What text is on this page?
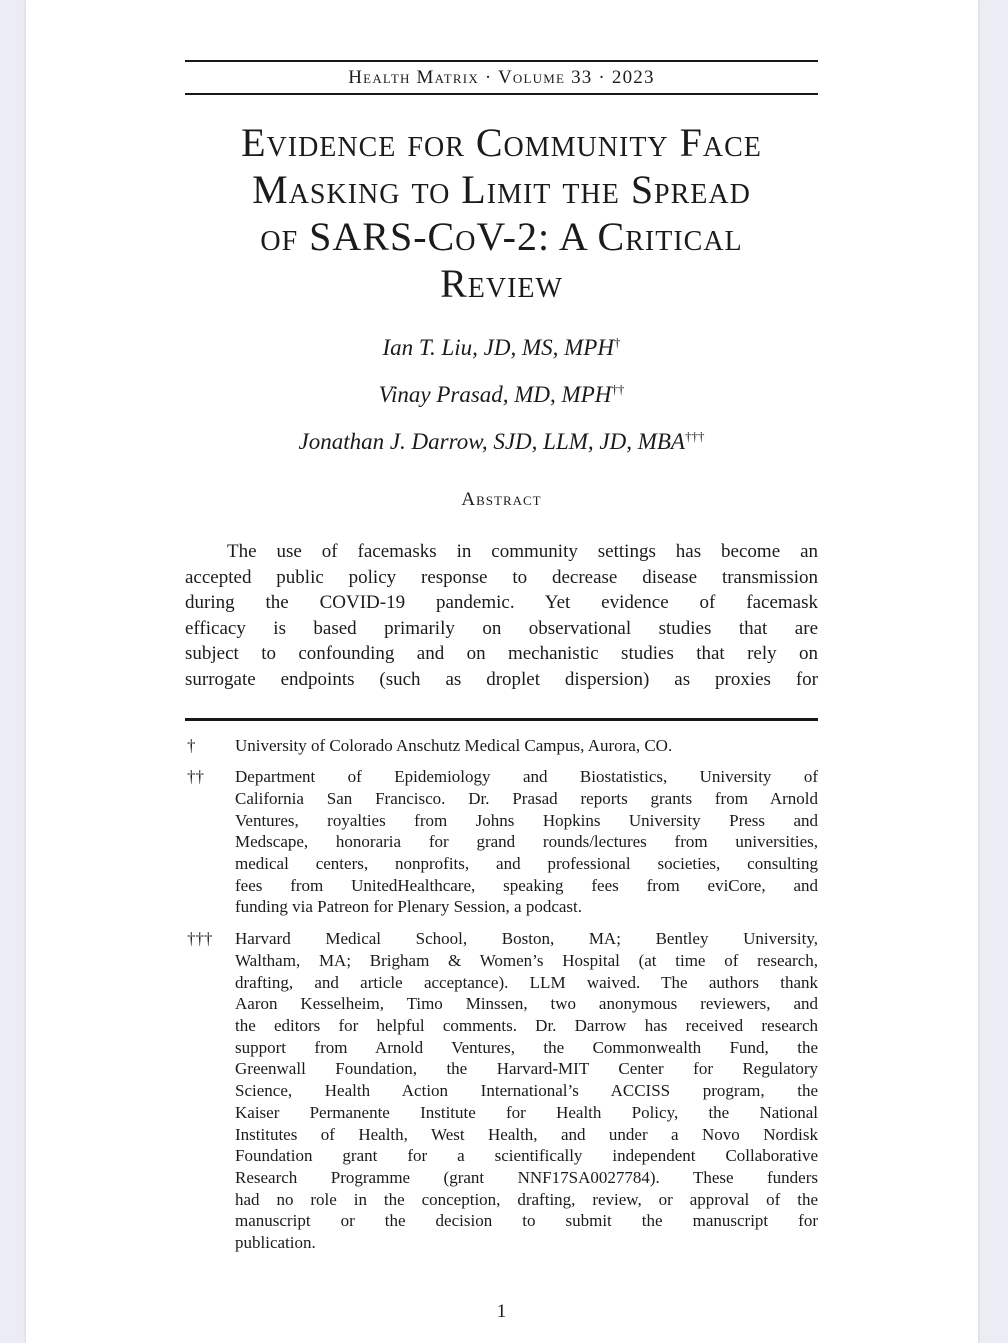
Health Matrix · Volume 33 · 2023
Evidence for Community Face
Masking to Limit the Spread
of SARS-CoV-2: A Critical
Review
Ian T. Liu, JD, MS, MPH†
Vinay Prasad, MD, MPH††
Jonathan J. Darrow, SJD, LLM, JD, MBA†††
Abstract
The use of facemasks in community settings has become an
accepted public policy response to decrease disease transmission
during the COVID-19 pandemic. Yet evidence of facemask
efficacy is based primarily on observational studies that are
subject to confounding and on mechanistic studies that rely on
surrogate endpoints (such as droplet dispersion) as proxies for
†	University of Colorado Anschutz Medical Campus, Aurora, CO.
††	Department of Epidemiology and Biostatistics, University of
California San Francisco. Dr. Prasad reports grants from Arnold
Ventures, royalties from Johns Hopkins University Press and
Medscape, honoraria for grand rounds/lectures from universities,
medical centers, nonprofits, and professional societies, consulting
fees from UnitedHealthcare, speaking fees from eviCore, and
funding via Patreon for Plenary Session, a podcast.
†††	Harvard Medical School, Boston, MA; Bentley University,
Waltham, MA; Brigham & Women’s Hospital (at time of research,
drafting, and article acceptance). LLM waived. The authors thank
Aaron Kesselheim, Timo Minssen, two anonymous reviewers, and
the editors for helpful comments. Dr. Darrow has received research
support from Arnold Ventures, the Commonwealth Fund, the
Greenwall Foundation, the Harvard-MIT Center for Regulatory
Science, Health Action International’s ACCISS program, the
Kaiser Permanente Institute for Health Policy, the National
Institutes of Health, West Health, and under a Novo Nordisk
Foundation grant for a scientifically independent Collaborative
Research Programme (grant NNF17SA0027784). These funders
had no role in the conception, drafting, review, or approval of the
manuscript or the decision to submit the manuscript for
publication.
1
